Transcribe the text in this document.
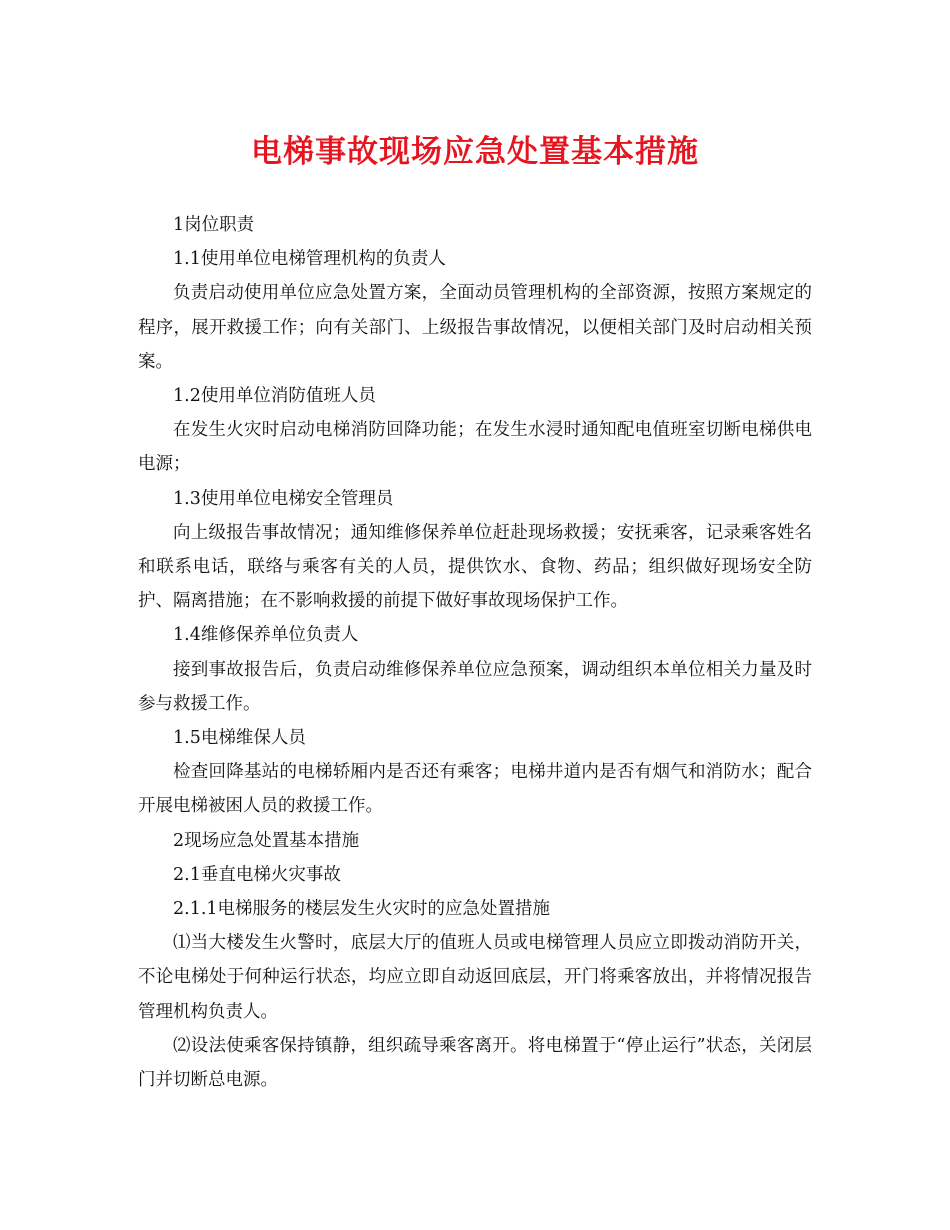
电梯事故现场应急处置基本措施

1岗位职责

1.1使用单位电梯管理机构的负责人

负责启动使用单位应急处置方案，全面动员管理机构的全部资源，按照方案规定的程序，展开救援工作；向有关部门、上级报告事故情况，以便相关部门及时启动相关预案。

1.2使用单位消防值班人员

在发生火灾时启动电梯消防回降功能；在发生水浸时通知配电值班室切断电梯供电电源；

1.3使用单位电梯安全管理员

向上级报告事故情况；通知维修保养单位赶赴现场救援；安抚乘客，记录乘客姓名和联系电话，联络与乘客有关的人员，提供饮水、食物、药品；组织做好现场安全防护、隔离措施；在不影响救援的前提下做好事故现场保护工作。

1.4维修保养单位负责人

接到事故报告后，负责启动维修保养单位应急预案，调动组织本单位相关力量及时参与救援工作。

1.5电梯维保人员

检查回降基站的电梯轿厢内是否还有乘客；电梯井道内是否有烟气和消防水；配合开展电梯被困人员的救援工作。

2现场应急处置基本措施

2.1垂直电梯火灾事故

2.1.1电梯服务的楼层发生火灾时的应急处置措施

⑴当大楼发生火警时，底层大厅的值班人员或电梯管理人员应立即拨动消防开关，不论电梯处于何种运行状态，均应立即自动返回底层，开门将乘客放出，并将情况报告管理机构负责人。

⑵设法使乘客保持镇静，组织疏导乘客离开。将电梯置于“停止运行”状态，关闭层门并切断总电源。
